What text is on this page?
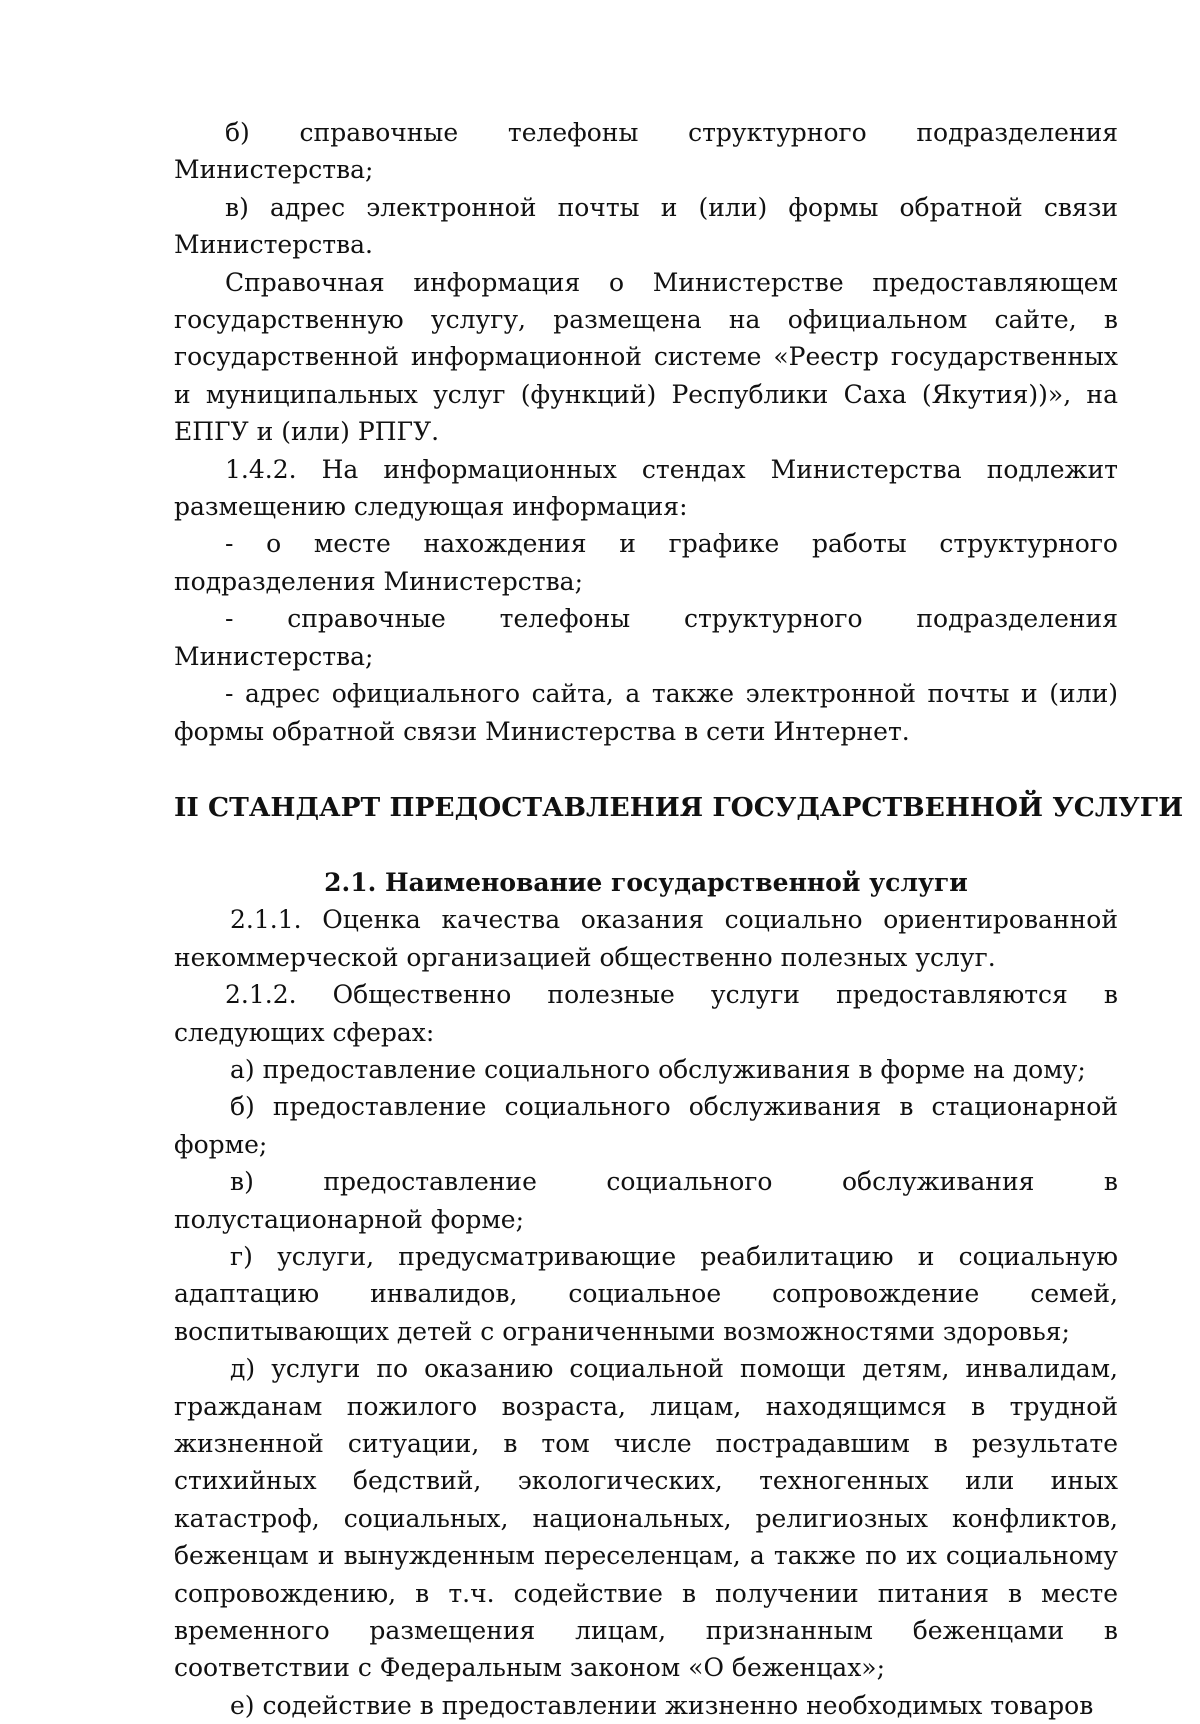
б) справочные телефоны структурного подразделения Министерства;

в) адрес электронной почты и (или) формы обратной связи Министерства.

Справочная информация о Министерстве предоставляющем государственную услугу, размещена на официальном сайте, в государственной информационной системе «Реестр государственных и муниципальных услуг (функций) Республики Саха (Якутия))», на ЕПГУ и (или) РПГУ.

1.4.2. На информационных стендах Министерства подлежит размещению следующая информация:

- о месте нахождения и графике работы структурного подразделения Министерства;

- справочные телефоны структурного подразделения Министерства;

- адрес официального сайта, а также электронной почты и (или) формы обратной связи Министерства в сети Интернет.

II СТАНДАРТ ПРЕДОСТАВЛЕНИЯ ГОСУДАРСТВЕННОЙ УСЛУГИ
2.1. Наименование государственной услуги

2.1.1. Оценка качества оказания социально ориентированной некоммерческой организацией общественно полезных услуг.

2.1.2. Общественно полезные услуги предоставляются в следующих сферах:

а) предоставление социального обслуживания в форме на дому;

б) предоставление социального обслуживания в стационарной форме;

в) предоставление социального обслуживания в полустационарной форме;

г) услуги, предусматривающие реабилитацию и социальную адаптацию инвалидов, социальное сопровождение семей, воспитывающих детей с ограниченными возможностями здоровья;

д) услуги по оказанию социальной помощи детям, инвалидам, гражданам пожилого возраста, лицам, находящимся в трудной жизненной ситуации, в том числе пострадавшим в результате стихийных бедствий, экологических, техногенных или иных катастроф, социальных, национальных, религиозных конфликтов, беженцам и вынужденным переселенцам, а также по их социальному сопровождению, в т.ч. содействие в получении питания в месте временного размещения лицам, признанным беженцами в соответствии с Федеральным законом «О беженцах»;

е) содействие в предоставлении жизненно необходимых товаров
